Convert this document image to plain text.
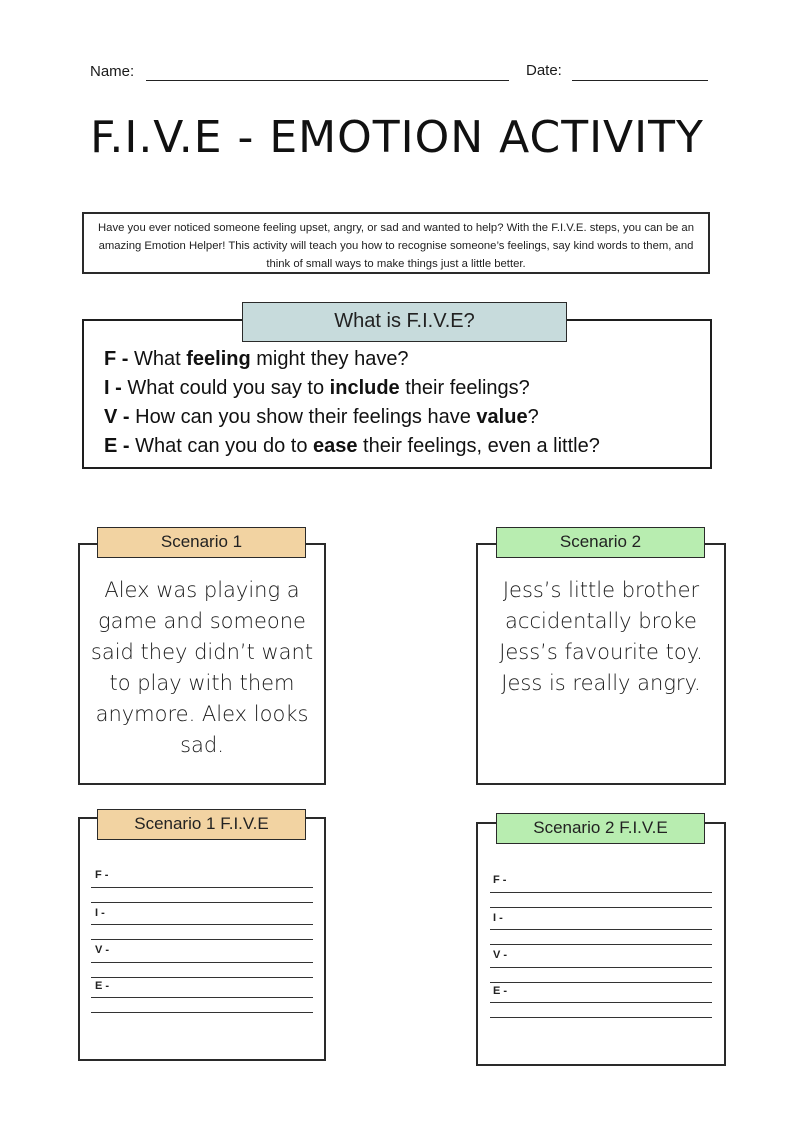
Name:	Date:
F.I.V.E - EMOTION ACTIVITY
Have you ever noticed someone feeling upset, angry, or sad and wanted to help? With the F.I.V.E. steps, you can be an amazing Emotion Helper! This activity will teach you how to recognise someone’s feelings, say kind words to them, and think of small ways to make things just a little better.
F - What feeling might they have?
I - What could you say to include their feelings?
V - How can you show their feelings have value?
E - What can you do to ease their feelings, even a little?
What is F.I.V.E?
Alex was playing a game and someone said they didn’t want to play with them anymore. Alex looks sad.
Scenario 1
Jess’s little brother accidentally broke Jess’s favourite toy. Jess is really angry.
Scenario 2
Scenario 1 F.I.V.E
F -
I -
V -
E -
Scenario 2 F.I.V.E
F -
I -
V -
E -
